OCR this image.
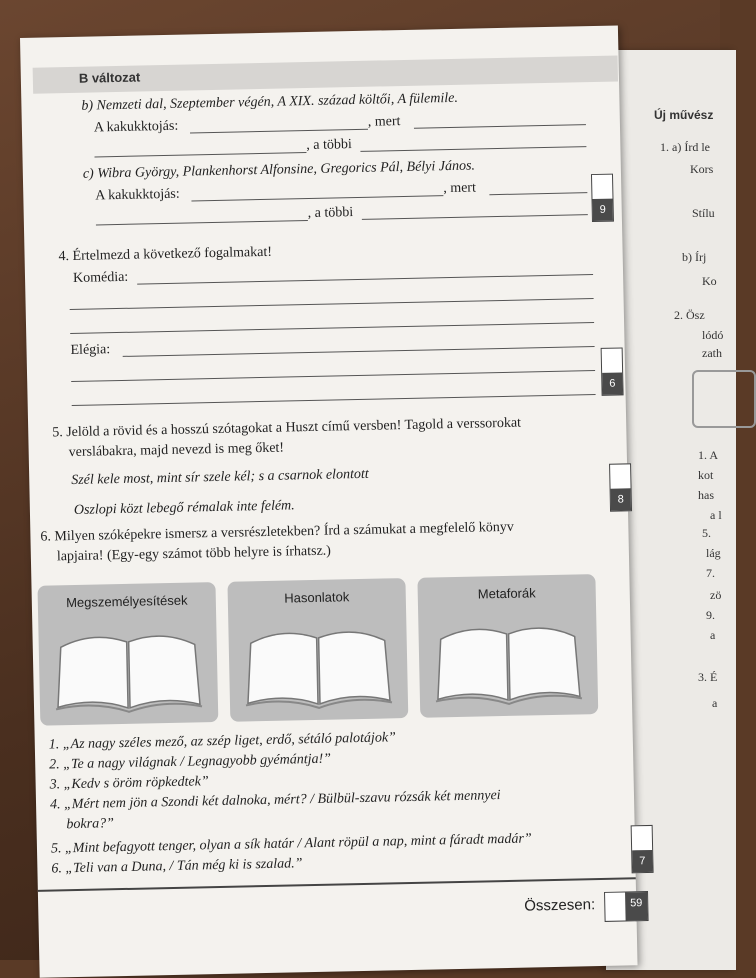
Új művész
1. a) Írd le
Kors
Stílu
b) Írj
Ko
2. Ösz
lódó
zath
1. A
kot
has
a l
5.
lág
7.
zö
9.
a
3. É
a
B változat
b) Nemzeti dal, Szeptember végén, A XIX. század költői, A fülemile.
A kakukktojás:	, mert
, a többi
c) Wibra György, Plankenhorst Alfonsine, Gregorics Pál, Bélyi János.
A kakukktojás:	, mert
, a többi	9
4. Értelmezd a következő fogalmakat!
Komédia:
Elégia:
6
5. Jelöld a rövid és a hosszú szótagokat a Huszt című versben! Tagold a verssorokat
verslábakra, majd nevezd is meg őket!
Szél kele most, mint sír szele kél; s a csarnok elontott
Oszlopi közt lebegő rémalak inte felém.	8
6. Milyen szóképekre ismersz a versrészletekben? Írd a számukat a megfelelő könyv
lapjaira! (Egy-egy számot több helyre is írhatsz.)
Megszemélyesítések	Hasonlatok	Metaforák
1. „Az nagy széles mező, az szép liget, erdő, sétáló palotájok”
2. „Te a nagy világnak / Legnagyobb gyémántja!”
3. „Kedv s öröm röpkedtek”
4. „Mért nem jön a Szondi két dalnoka, mért? / Bülbül-szavu rózsák két mennyei
bokra?”
5. „Mint befagyott tenger, olyan a sík határ / Alant röpül a nap, mint a fáradt madár”
6. „Teli van a Duna, / Tán még ki is szalad.”	7
Összesen:	59
